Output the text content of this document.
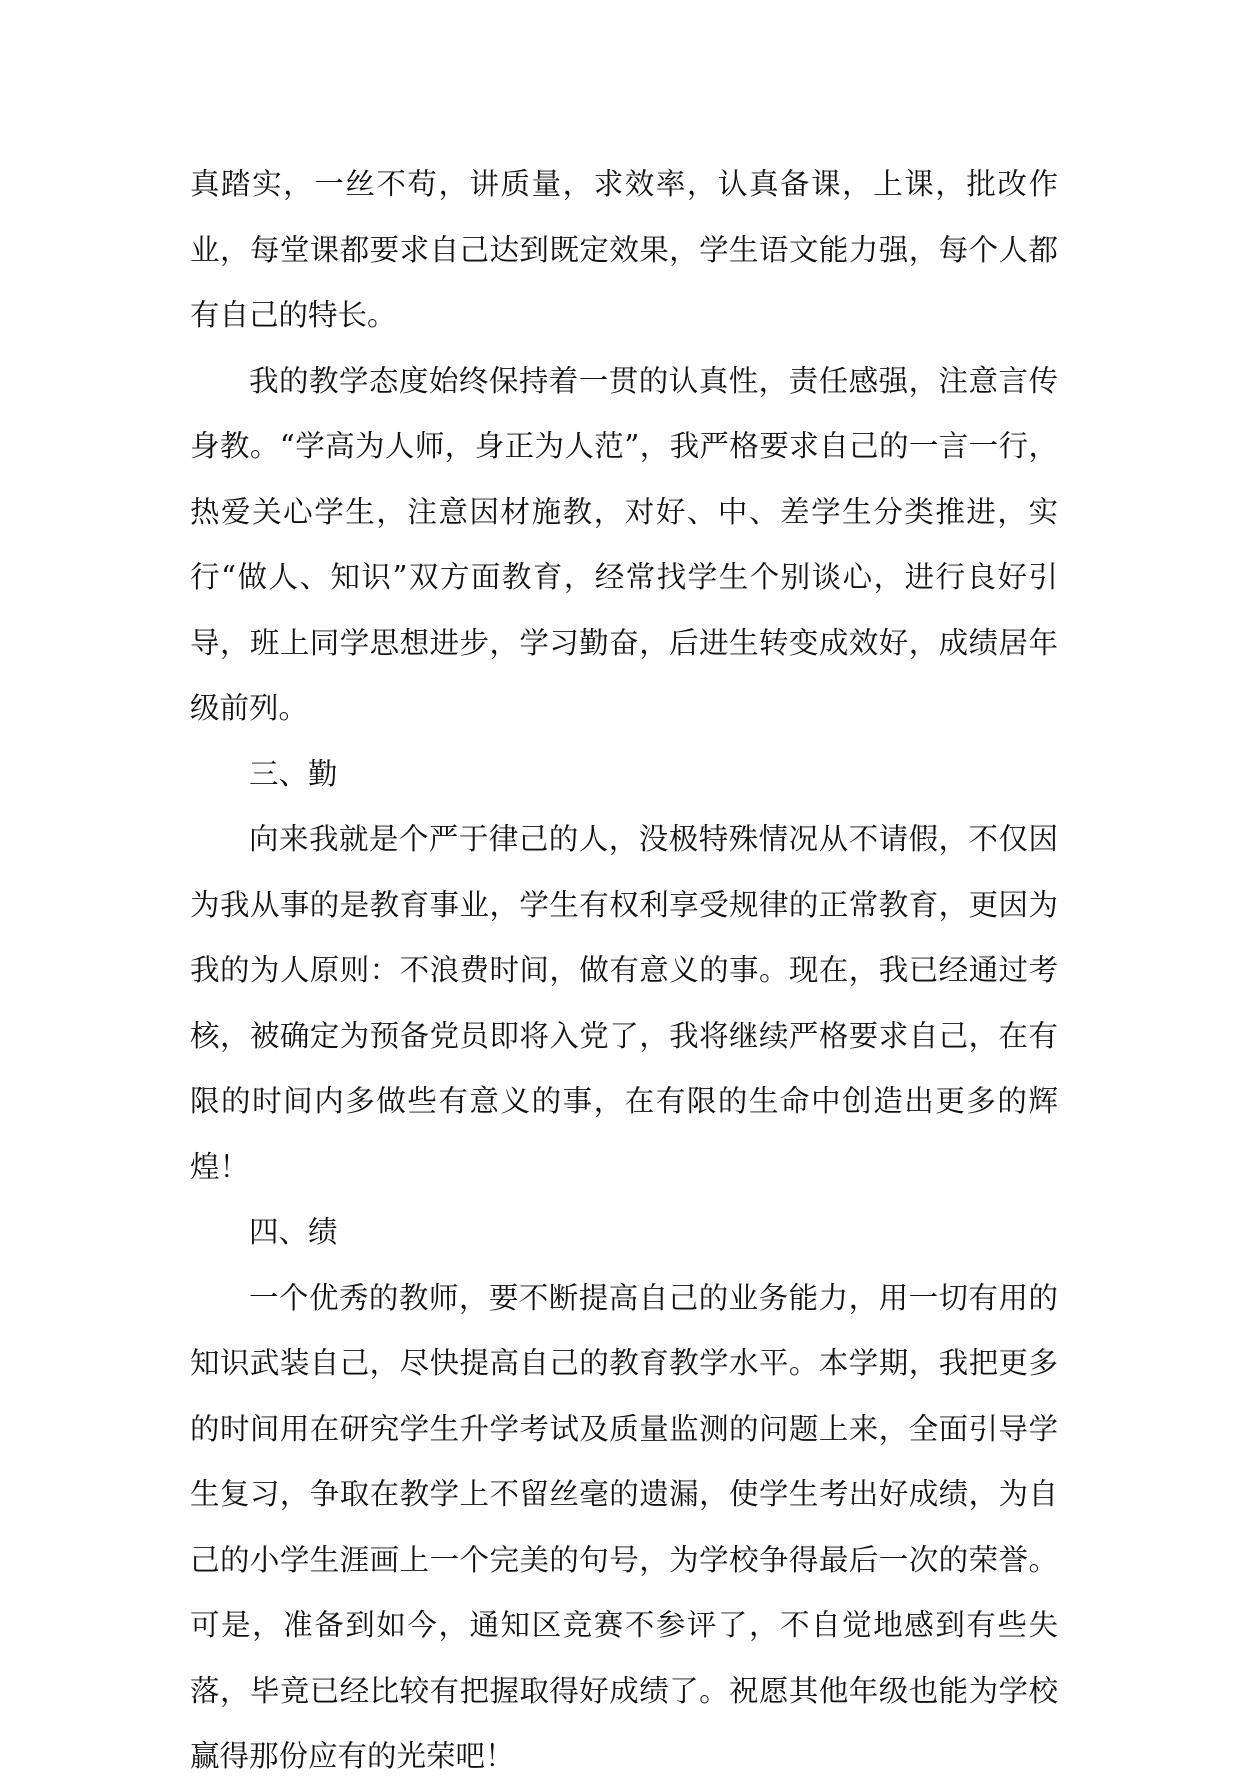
真踏实，一丝不苟，讲质量，求效率，认真备课，上课，批改作业，每堂课都要求自己达到既定效果，学生语文能力强，每个人都有自己的特长。

我的教学态度始终保持着一贯的认真性，责任感强，注意言传身教。“学高为人师，身正为人范”，我严格要求自己的一言一行，热爱关心学生，注意因材施教，对好、中、差学生分类推进，实行“做人、知识”双方面教育，经常找学生个别谈心，进行良好引导，班上同学思想进步，学习勤奋，后进生转变成效好，成绩居年级前列。

三、勤

向来我就是个严于律己的人，没极特殊情况从不请假，不仅因为我从事的是教育事业，学生有权利享受规律的正常教育，更因为我的为人原则：不浪费时间，做有意义的事。现在，我已经通过考核，被确定为预备党员即将入党了，我将继续严格要求自己，在有限的时间内多做些有意义的事，在有限的生命中创造出更多的辉煌！

四、绩

一个优秀的教师，要不断提高自己的业务能力，用一切有用的知识武装自己，尽快提高自己的教育教学水平。本学期，我把更多的时间用在研究学生升学考试及质量监测的问题上来，全面引导学生复习，争取在教学上不留丝毫的遗漏，使学生考出好成绩，为自己的小学生涯画上一个完美的句号，为学校争得最后一次的荣誉。可是，准备到如今，通知区竞赛不参评了，不自觉地感到有些失落，毕竟已经比较有把握取得好成绩了。祝愿其他年级也能为学校赢得那份应有的光荣吧！
